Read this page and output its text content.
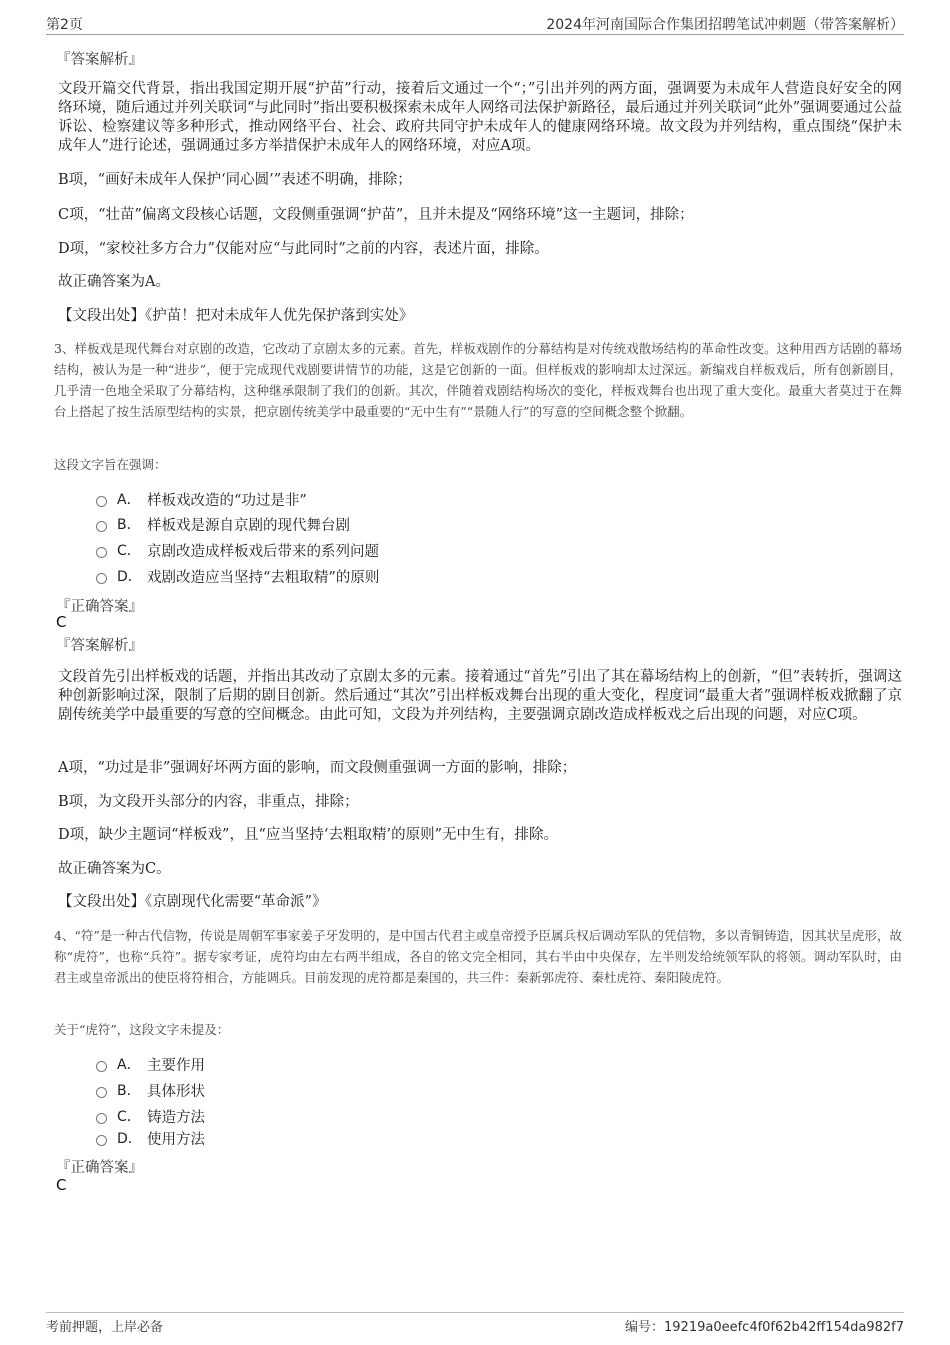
第2页	2024年河南国际合作集团招聘笔试冲刺题（带答案解析）
『答案解析』
文段开篇交代背景，指出我国定期开展“护苗”行动，接着后文通过一个“；”引出并列的两方面，强调要为未成年人营造良好安全的网络环境，随后通过并列关联词“与此同时”指出要积极探索未成年人网络司法保护新路径，最后通过并列关联词“此外”强调要通过公益诉讼、检察建议等多种形式，推动网络平台、社会、政府共同守护未成年人的健康网络环境。故文段为并列结构，重点围绕“保护未成年人”进行论述，强调通过多方举措保护未成年人的网络环境，对应A项。
B项，“画好未成年人保护‘同心圆’”表述不明确，排除；
C项，“壮苗”偏离文段核心话题，文段侧重强调“护苗”，且并未提及“网络环境”这一主题词，排除；
D项，“家校社多方合力”仅能对应“与此同时”之前的内容，表述片面，排除。
故正确答案为A。
【文段出处】《护苗！把对未成年人优先保护落到实处》
3、样板戏是现代舞台对京剧的改造，它改动了京剧太多的元素。首先，样板戏剧作的分幕结构是对传统戏散场结构的革命性改变。这种用西方话剧的幕场结构，被认为是一种“进步”，便于完成现代戏剧要讲情节的功能，这是它创新的一面。但样板戏的影响却太过深远。新编戏自样板戏后，所有创新剧目，几乎清一色地全采取了分幕结构，这种继承限制了我们的创新。其次，伴随着戏剧结构场次的变化，样板戏舞台也出现了重大变化。最重大者莫过于在舞台上搭起了按生活原型结构的实景，把京剧传统美学中最重要的“无中生有”“景随人行”的写意的空间概念整个掀翻。
这段文字旨在强调：
A． 样板戏改造的“功过是非”
B． 样板戏是源自京剧的现代舞台剧
C． 京剧改造成样板戏后带来的系列问题
D． 戏剧改造应当坚持“去粗取精”的原则
『正确答案』
C
『答案解析』
文段首先引出样板戏的话题，并指出其改动了京剧太多的元素。接着通过“首先”引出了其在幕场结构上的创新，“但”表转折，强调这种创新影响过深，限制了后期的剧目创新。然后通过“其次”引出样板戏舞台出现的重大变化，程度词“最重大者”强调样板戏掀翻了京剧传统美学中最重要的写意的空间概念。由此可知，文段为并列结构，主要强调京剧改造成样板戏之后出现的问题，对应C项。
A项，“功过是非”强调好坏两方面的影响，而文段侧重强调一方面的影响，排除；
B项，为文段开头部分的内容，非重点，排除；
D项，缺少主题词“样板戏”，且“应当坚持‘去粗取精’的原则”无中生有，排除。
故正确答案为C。
【文段出处】《京剧现代化需要“革命派”》
4、“符”是一种古代信物，传说是周朝军事家姜子牙发明的，是中国古代君主或皇帝授予臣属兵权后调动军队的凭信物，多以青铜铸造，因其状呈虎形，故称“虎符”，也称“兵符”。据专家考证，虎符均由左右两半组成，各自的铭文完全相同，其右半由中央保存，左半则发给统领军队的将领。调动军队时，由君主或皇帝派出的使臣将符相合，方能调兵。目前发现的虎符都是秦国的，共三件：秦新郭虎符、秦杜虎符、秦阳陵虎符。
关于“虎符”，这段文字未提及：
A． 主要作用
B． 具体形状
C． 铸造方法
D． 使用方法
『正确答案』
C
考前押题，上岸必备	编号：19219a0eefc4f0f62b42ff154da982f7
